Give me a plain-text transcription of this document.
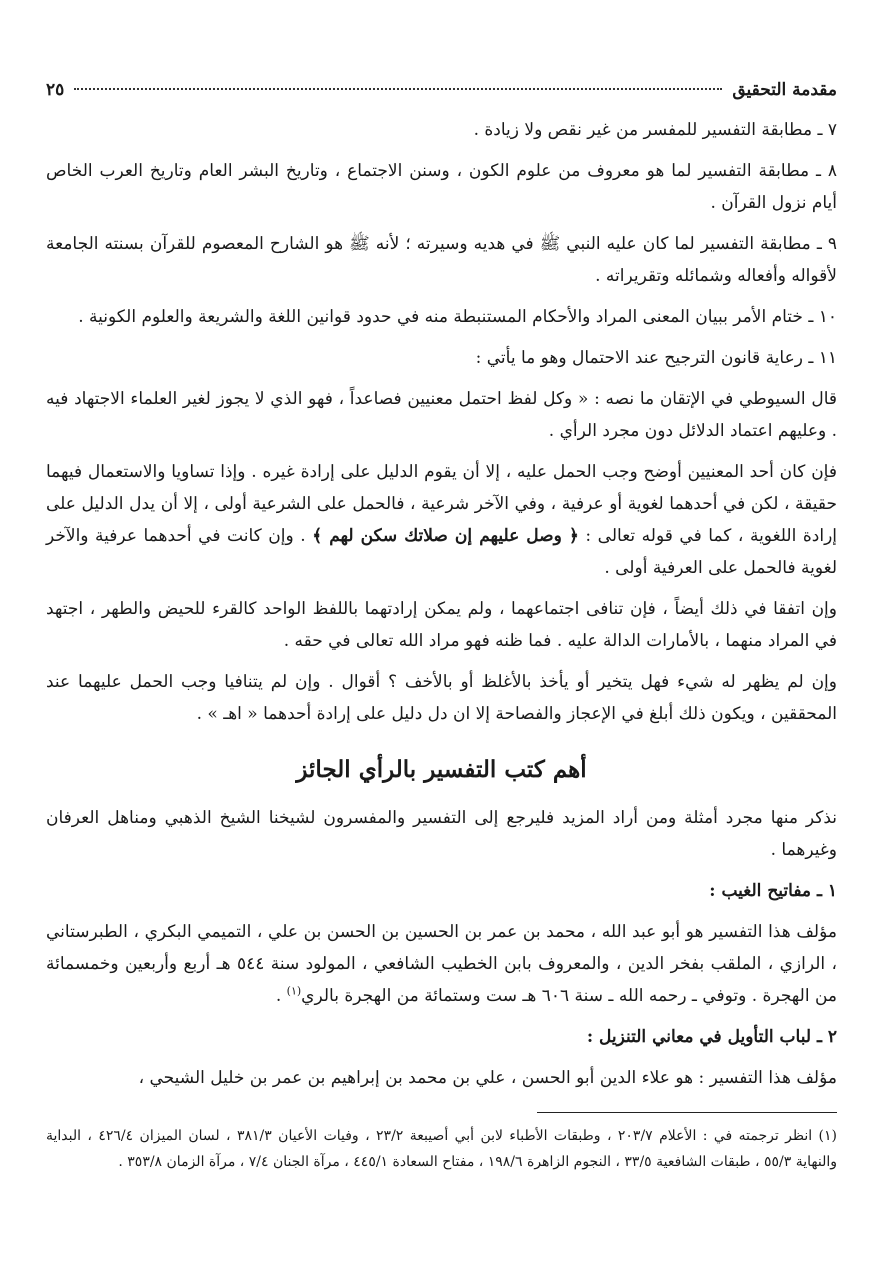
مقدمة التحقيق
٢٥

٧ ـ مطابقة التفسير للمفسر من غير نقص ولا زيادة .

٨ ـ مطابقة التفسير لما هو معروف من علوم الكون ، وسنن الاجتماع ، وتاريخ البشر العام وتاريخ العرب الخاص أيام نزول القرآن .

٩ ـ مطابقة التفسير لما كان عليه النبي ﷺ في هديه وسيرته ؛ لأنه ﷺ هو الشارح المعصوم للقرآن بسنته الجامعة لأقواله وأفعاله وشمائله وتقريراته .

١٠ ـ ختام الأمر ببيان المعنى المراد والأحكام المستنبطة منه في حدود قوانين اللغة والشريعة والعلوم الكونية .

١١ ـ رعاية قانون الترجيح عند الاحتمال وهو ما يأتي :

قال السيوطي في الإتقان ما نصه : « وكل لفظ احتمل معنيين فصاعداً ، فهو الذي لا يجوز لغير العلماء الاجتهاد فيه . وعليهم اعتماد الدلائل دون مجرد الرأي .

فإن كان أحد المعنيين أوضح وجب الحمل عليه ، إلا أن يقوم الدليل على إرادة غيره . وإذا تساويا والاستعمال فيهما حقيقة ، لكن في أحدهما لغوية أو عرفية ، وفي الآخر شرعية ، فالحمل على الشرعية أولى ، إلا أن يدل الدليل على إرادة اللغوية ، كما في قوله تعالى : ﴿ وصل عليهم إن صلاتك سكن لهم ﴾ . وإن كانت في أحدهما عرفية والآخر لغوية فالحمل على العرفية أولى .

وإن اتفقا في ذلك أيضاً ، فإن تنافى اجتماعهما ، ولم يمكن إرادتهما باللفظ الواحد كالقرء للحيض والطهر ، اجتهد في المراد منهما ، بالأمارات الدالة عليه . فما ظنه فهو مراد الله تعالى في حقه .

وإن لم يظهر له شيء فهل يتخير أو يأخذ بالأغلظ أو بالأخف ؟ أقوال . وإن لم يتنافيا وجب الحمل عليهما عند المحققين ، ويكون ذلك أبلغ في الإعجاز والفصاحة إلا ان دل دليل على إرادة أحدهما « اهـ » .

أهم كتب التفسير بالرأي الجائز

نذكر منها مجرد أمثلة ومن أراد المزيد فليرجع إلى التفسير والمفسرون لشيخنا الشيخ الذهبي ومناهل العرفان وغيرهما .

١ ـ مفاتيح الغيب :

مؤلف هذا التفسير هو أبو عبد الله ، محمد بن عمر بن الحسين بن الحسن بن علي ، التميمي البكري ، الطبرستاني ، الرازي ، الملقب بفخر الدين ، والمعروف بابن الخطيب الشافعي ، المولود سنة ٥٤٤ هـ أربع وأربعين وخمسمائة من الهجرة . وتوفي ـ رحمه الله ـ سنة ٦٠٦ هـ ست وستمائة من الهجرة بالري$^{(١)}$ .

٢ ـ لباب التأويل في معاني التنزيل :

مؤلف هذا التفسير : هو علاء الدين أبو الحسن ، علي بن محمد بن إبراهيم بن عمر بن خليل الشيحي ،

(١) انظر ترجمته في : الأعلام ٢٠٣/٧ ، وطبقات الأطباء لابن أبي أصيبعة ٢٣/٢ ، وفيات الأعيان ٣٨١/٣ ، لسان الميزان ٤٢٦/٤ ، البداية والنهاية ٥٥/٣ ، طبقات الشافعية ٣٣/٥ ، النجوم الزاهرة ١٩٨/٦ ، مفتاح السعادة ٤٤٥/١ ، مرآة الجنان ٧/٤ ، مرآة الزمان ٣٥٣/٨ .
